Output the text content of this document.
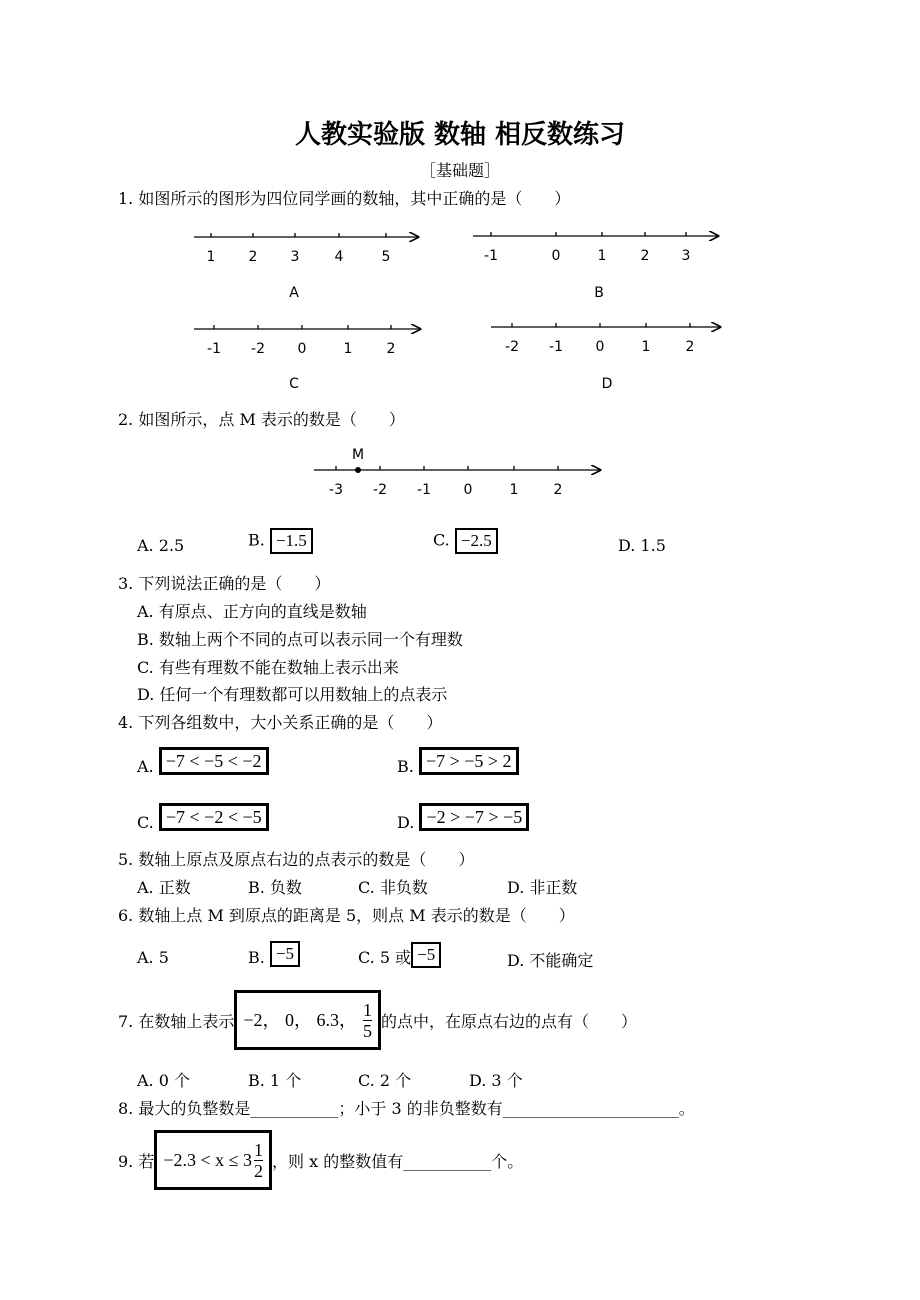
人教实验版 数轴 相反数练习
［基础题］
1. 如图所示的图形为四位同学画的数轴，其中正确的是（　　）
1 2 3	4	5
A
-1	0	1 2 3
B
-1 -2 0	1 2
C
-2 -1 0	1	2
D
-3 -2 -1 0	1	2
M
2. 如图所示，点 M 表示的数是（　　）
A. 2.5	B. −1.5	C. −2.5	D. 1.5
3. 下列说法正确的是（　　）
A. 有原点、正方向的直线是数轴
B. 数轴上两个不同的点可以表示同一个有理数
C. 有些有理数不能在数轴上表示出来
D. 任何一个有理数都可以用数轴上的点表示
4. 下列各组数中，大小关系正确的是（　　）
A. −7 < −5 < −2	B. −7 > −5 > 2
C. −7 < −2 < −5	D. −2 > −7 > −5
5. 数轴上原点及原点右边的点表示的数是（　　）
A. 正数	B. 负数	C. 非负数	D. 非正数
6. 数轴上点 M 到原点的距离是 5，则点 M 表示的数是（　　）
A. 5	B. −5	C. 5 或 −5	D. 不能确定
7. 在数轴上表示 −2， 0， 6.3， $\frac{1}{5}$ 的点中，在原点右边的点有（　　）
A. 0 个	B. 1 个	C. 2 个	D. 3 个
8. 最大的负整数是___________；小于 3 的非负整数有______________________。
9. 若 $-2.3 < x \le 3 \frac{1}{2}$ ，则 x 的整数值有___________个。
